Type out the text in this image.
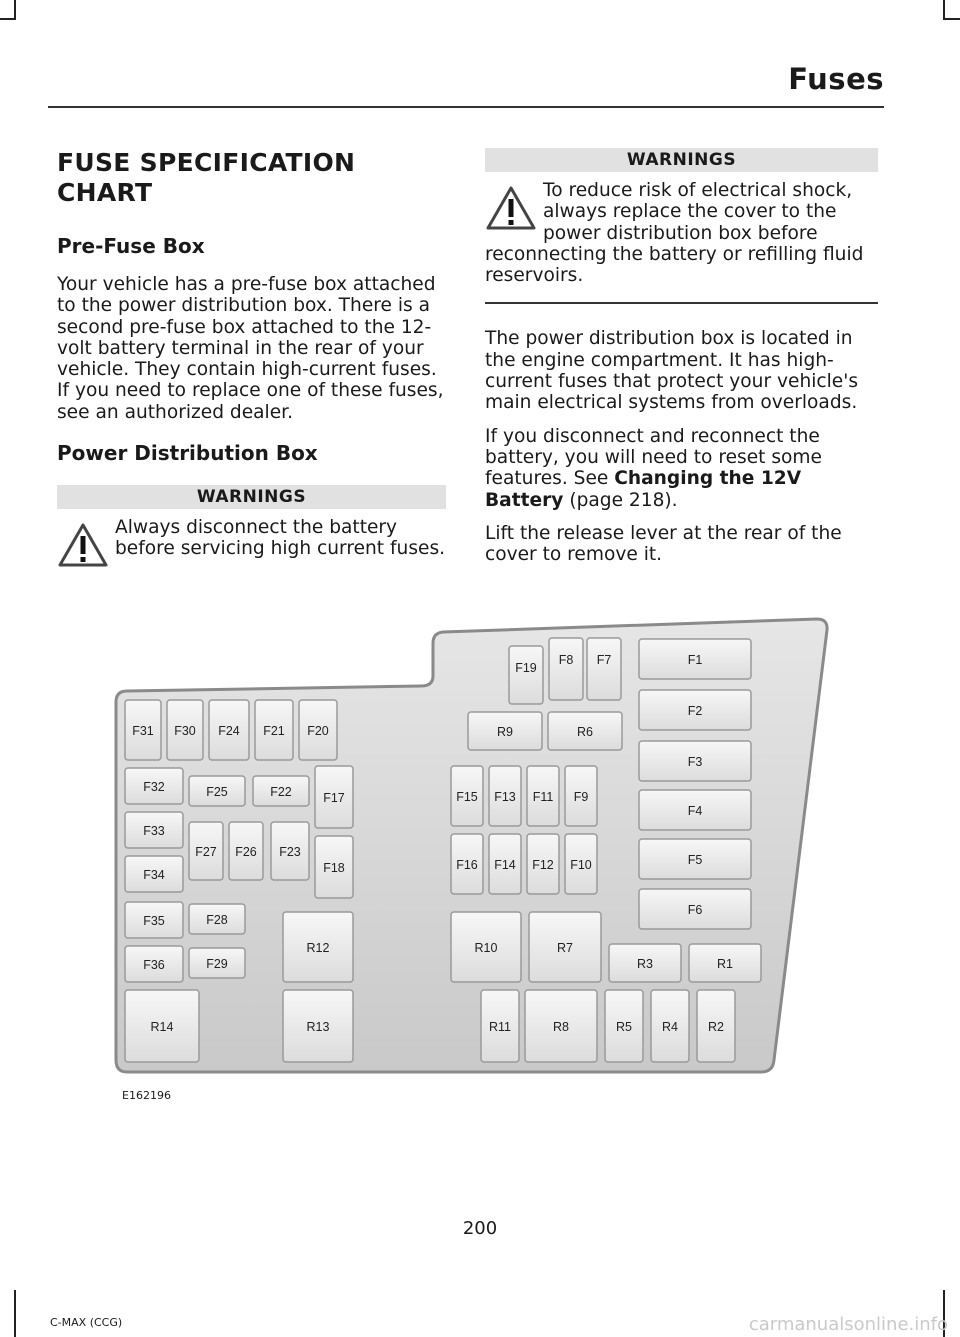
Fuses
FUSE SPECIFICATION CHART
Pre-Fuse Box

Your vehicle has a pre-fuse box attached to the power distribution box. There is a second pre-fuse box attached to the 12-volt battery terminal in the rear of your vehicle. They contain high-current fuses. If you need to replace one of these fuses, see an authorized dealer.

Power Distribution Box
WARNINGS
Always disconnect the battery before servicing high current fuses.
WARNINGS
To reduce risk of electrical shock, always replace the cover to the power distribution box before reconnecting the battery or refilling fluid reservoirs.

The power distribution box is located in the engine compartment. It has high-current fuses that protect your vehicle's main electrical systems from overloads.

If you disconnect and reconnect the battery, you will need to reset some features. See Changing the 12V Battery (page 218).

Lift the release lever at the rear of the cover to remove it.

F1
F2
F3
F4
F5
F6
F7
F8
F19
R9	R6
F15 F13 F11 F9
F16 F14 F12 F10
R10	R7
R3	R1
R11	R8	R5 R4 R2
F31 F30 F24 F21 F20
F32
F33
F34
F35
F36
F25	F22	F17
F27 F26 F23
F18
F28
F29
R12
R13
R14
E162196
200
C-MAX (CCG)	carmanualsonline.info
